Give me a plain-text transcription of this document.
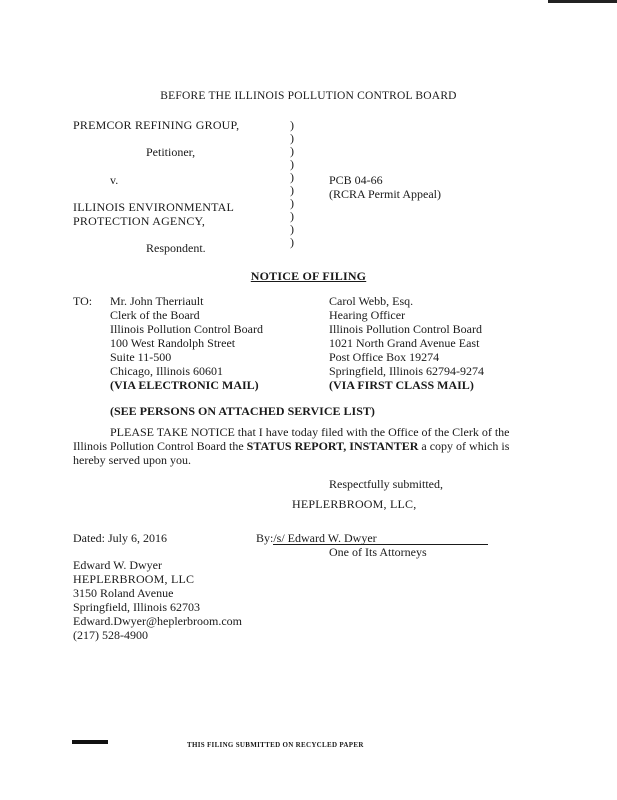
BEFORE THE ILLINOIS POLLUTION CONTROL BOARD
PREMCOR REFINING GROUP,
Petitioner,
v.
ILLINOIS ENVIRONMENTAL
PROTECTION AGENCY,
Respondent.
)
)
)
)
)
)
)
)
)
)
PCB 04-66
(RCRA Permit Appeal)
NOTICE OF FILING
TO: Mr. John Therriault
Clerk of the Board
Illinois Pollution Control Board
100 West Randolph Street
Suite 11-500
Chicago, Illinois 60601
(VIA ELECTRONIC MAIL)
Carol Webb, Esq.
Hearing Officer
Illinois Pollution Control Board
1021 North Grand Avenue East
Post Office Box 19274
Springfield, Illinois 62794-9274
(VIA FIRST CLASS MAIL)
(SEE PERSONS ON ATTACHED SERVICE LIST)
PLEASE TAKE NOTICE that I have today filed with the Office of the Clerk of the
Illinois Pollution Control Board the STATUS REPORT, INSTANTER a copy of which is
hereby served upon you.
Respectfully submitted,
HEPLERBROOM, LLC,
Dated: July 6, 2016	By:/s/ Edward W. Dwyer
One of Its Attorneys
Edward W. Dwyer
HEPLERBROOM, LLC
3150 Roland Avenue
Springfield, Illinois 62703
Edward.Dwyer@heplerbroom.com
(217) 528-4900
THIS FILING SUBMITTED ON RECYCLED PAPER
